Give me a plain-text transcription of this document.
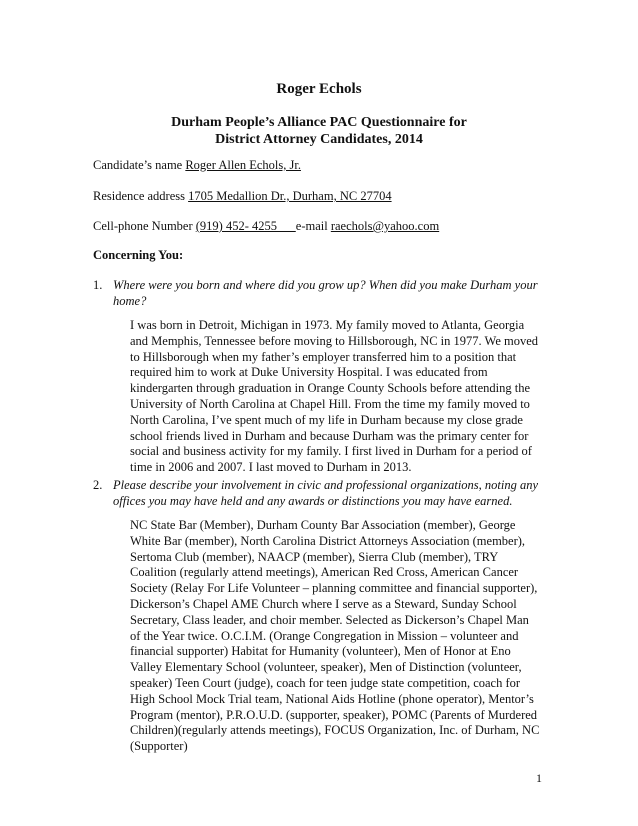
Roger Echols
Durham People’s Alliance PAC Questionnaire for
District Attorney Candidates, 2014
Candidate’s name Roger Allen Echols, Jr.
Residence address 1705 Medallion Dr., Durham, NC 27704
Cell-phone Number (919) 452- 4255      e-mail raechols@yahoo.com
Concerning You:
1. Where were you born and where did you grow up? When did you make Durham your home?
I was born in Detroit, Michigan in 1973. My family moved to Atlanta, Georgia
and Memphis, Tennessee before moving to Hillsborough, NC in 1977. We moved
to Hillsborough when my father’s employer transferred him to a position that
required him to work at Duke University Hospital. I was educated from
kindergarten through graduation in Orange County Schools before attending the
University of North Carolina at Chapel Hill. From the time my family moved to
North Carolina, I’ve spent much of my life in Durham because my close grade
school friends lived in Durham and because Durham was the primary center for
social and business activity for my family. I first lived in Durham for a period of
time in 2006 and 2007. I last moved to Durham in 2013.
2. Please describe your involvement in civic and professional organizations, noting any offices you may have held and any awards or distinctions you may have earned.
NC State Bar (Member), Durham County Bar Association (member), George
White Bar (member), North Carolina District Attorneys Association (member),
Sertoma Club (member), NAACP (member), Sierra Club (member), TRY
Coalition (regularly attend meetings), American Red Cross, American Cancer
Society (Relay For Life Volunteer – planning committee and financial supporter),
Dickerson’s Chapel AME Church where I serve as a Steward, Sunday School
Secretary, Class leader, and choir member. Selected as Dickerson’s Chapel Man
of the Year twice. O.C.I.M. (Orange Congregation in Mission – volunteer and
financial supporter) Habitat for Humanity (volunteer), Men of Honor at Eno
Valley Elementary School (volunteer, speaker), Men of Distinction (volunteer,
speaker) Teen Court (judge), coach for teen judge state competition, coach for
High School Mock Trial team, National Aids Hotline (phone operator), Mentor’s
Program (mentor), P.R.O.U.D. (supporter, speaker), POMC (Parents of Murdered
Children)(regularly attends meetings), FOCUS Organization, Inc. of Durham, NC
(Supporter)
1
